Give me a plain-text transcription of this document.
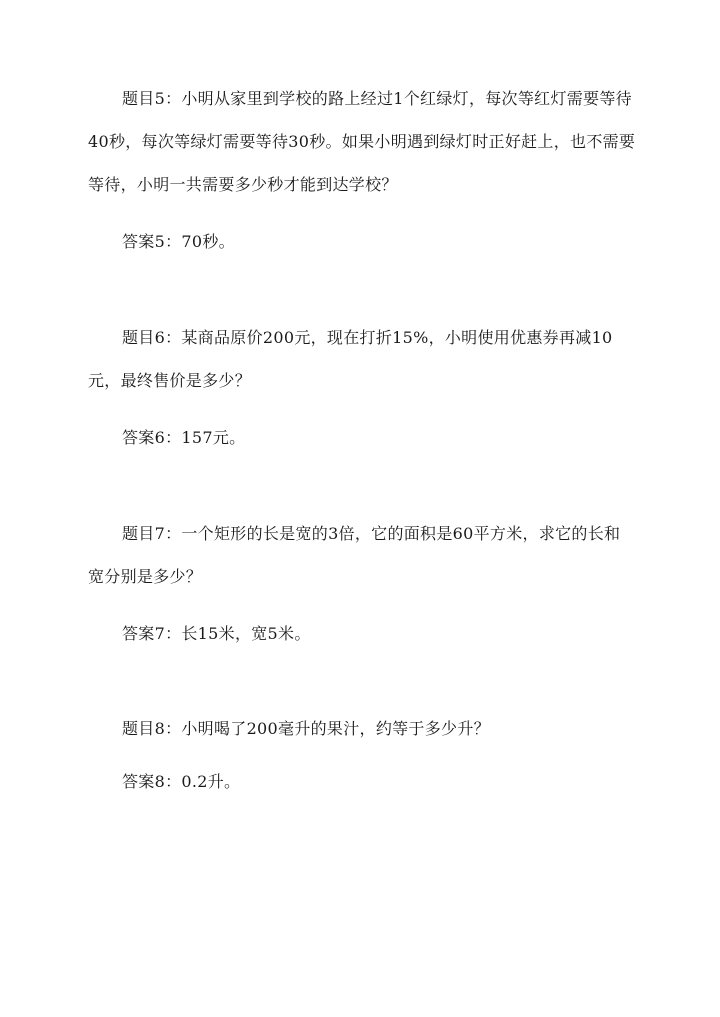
题目5：小明从家里到学校的路上经过1个红绿灯，每次等红灯需要等待40秒，每次等绿灯需要等待30秒。如果小明遇到绿灯时正好赶上，也不需要等待，小明一共需要多少秒才能到达学校？

答案5：70秒。

题目6：某商品原价200元，现在打折15%，小明使用优惠券再减10元，最终售价是多少？

答案6：157元。

题目7：一个矩形的长是宽的3倍，它的面积是60平方米，求它的长和宽分别是多少？

答案7：长15米，宽5米。

题目8：小明喝了200毫升的果汁，约等于多少升？

答案8：0.2升。
